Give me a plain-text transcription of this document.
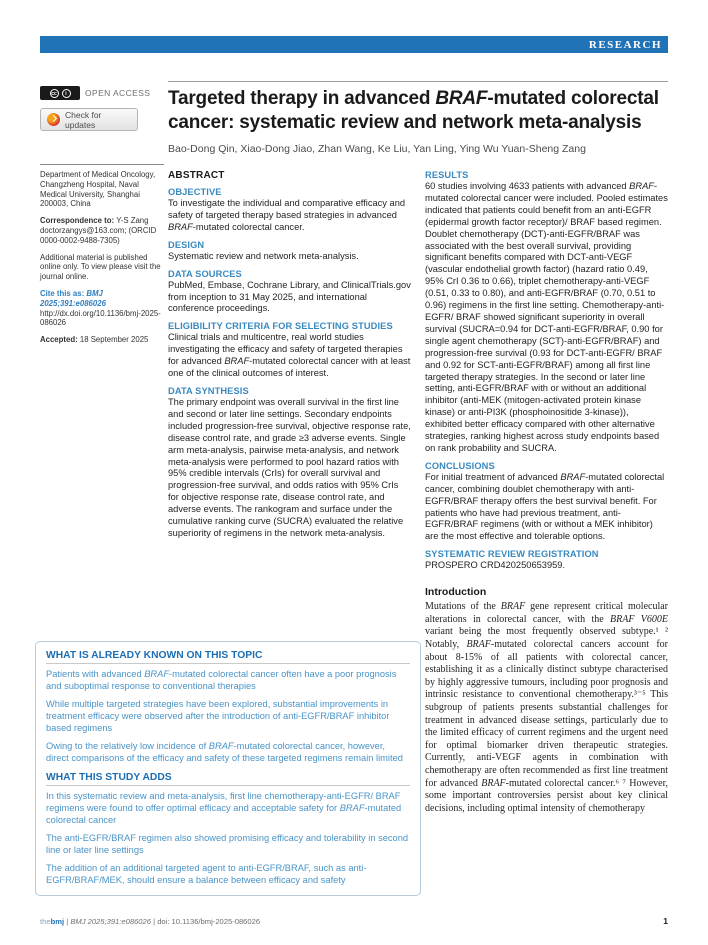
RESEARCH
cc	i	OPEN ACCESS
Check for updates
Targeted therapy in advanced BRAF-mutated colorectal cancer: systematic review and network meta-analysis
Bao-Dong Qin, Xiao-Dong Jiao, Zhan Wang, Ke Liu, Yan Ling, Ying Wu Yuan-Sheng Zang

Department of Medical Oncology, Changzheng Hospital, Naval Medical University, Shanghai 200003, China

Correspondence to: Y-S Zang doctorzangys@163.com; (ORCID 0000-0002-9488-7305)

Additional material is published online only. To view please visit the journal online.

Cite this as: BMJ 2025;391:e086026
http://dx.doi.org/10.1136/bmj-2025-086026

Accepted: 18 September 2025

ABSTRACT
OBJECTIVE

To investigate the individual and comparative efficacy and safety of targeted therapy based strategies in advanced BRAF-mutated colorectal cancer.

DESIGN

Systematic review and network meta-analysis.

DATA SOURCES

PubMed, Embase, Cochrane Library, and ClinicalTrials.gov from inception to 31 May 2025, and international conference proceedings.

ELIGIBILITY CRITERIA FOR SELECTING STUDIES

Clinical trials and multicentre, real world studies investigating the efficacy and safety of targeted therapies for advanced BRAF-mutated colorectal cancer with at least one of the clinical outcomes of interest.

DATA SYNTHESIS

The primary endpoint was overall survival in the first line and second or later line settings. Secondary endpoints included progression-free survival, objective response rate, disease control rate, and grade ≥3 adverse events. Single arm meta-analysis, pairwise meta-analysis, and network meta-analysis were performed to pool hazard ratios with 95% credible intervals (CrIs) for overall survival and progression-free survival, and odds ratios with 95% CrIs for objective response rate, disease control rate, and adverse events. The rankogram and surface under the cumulative ranking curve (SUCRA) evaluated the relative superiority of regimens in the network meta-analysis.

RESULTS

60 studies involving 4633 patients with advanced BRAF-mutated colorectal cancer were included. Pooled estimates indicated that patients could benefit from an anti-EGFR (epidermal growth factor receptor)/ BRAF based regimen. Doublet chemotherapy (DCT)-anti-EGFR/BRAF was associated with the best overall survival, providing significant benefits compared with DCT-anti-VEGF (vascular endothelial growth factor) (hazard ratio 0.49, 95% CrI 0.36 to 0.66), triplet chemotherapy-anti-VEGF (0.51, 0.33 to 0.80), and anti-EGFR/BRAF (0.70, 0.51 to 0.96) regimens in the first line setting. Chemotherapy-anti-EGFR/ BRAF showed significant superiority in overall survival (SUCRA=0.94 for DCT-anti-EGFR/BRAF, 0.90 for single agent chemotherapy (SCT)-anti-EGFR/BRAF) and progression-free survival (0.93 for DCT-anti-EGFR/ BRAF and 0.92 for SCT-anti-EGFR/BRAF) among all first line targeted therapy strategies. In the second or later line setting, anti-EGFR/BRAF with or without an additional inhibitor (anti-MEK (mitogen-activated protein kinase kinase) or anti-PI3K (phosphoinositide 3-kinase)), exhibited better efficacy compared with other alternative strategies, ranking highest across study endpoints based on rank probability and SUCRA.

CONCLUSIONS

For initial treatment of advanced BRAF-mutated colorectal cancer, combining doublet chemotherapy with anti-EGFR/BRAF therapy offers the best survival benefit. For patients who have had previous treatment, anti-EGFR/BRAF regimens (with or without a MEK inhibitor) are the most effective and tolerable options.

SYSTEMATIC REVIEW REGISTRATION

PROSPERO CRD420250653959.

Introduction

Mutations of the BRAF gene represent critical molecular alterations in colorectal cancer, with the BRAF V600E variant being the most frequently observed subtype.¹ ² Notably, BRAF-mutated colorectal cancers account for about 8-15% of all patients with colorectal cancer, establishing it as a clinically distinct subtype characterised by highly aggressive tumours, including poor prognosis and intrinsic resistance to conventional chemotherapy.³⁻⁵ This subgroup of patients presents substantial challenges for treatment in advanced disease settings, particularly due to the limited efficacy of current regimens and the urgent need for optimal biomarker driven therapeutic strategies. Currently, anti-VEGF agents in combination with chemotherapy are often recommended as first line treatment for advanced BRAF-mutated colorectal cancer.⁶ ⁷ However, some important controversies persist about key clinical decisions, including optimal intensity of chemotherapy

WHAT IS ALREADY KNOWN ON THIS TOPIC

Patients with advanced BRAF-mutated colorectal cancer often have a poor prognosis and suboptimal response to conventional therapies

While multiple targeted strategies have been explored, substantial improvements in treatment efficacy were observed after the introduction of anti-EGFR/BRAF inhibitor based regimens

Owing to the relatively low incidence of BRAF-mutated colorectal cancer, however, direct comparisons of the efficacy and safety of these targeted regimens remain limited

WHAT THIS STUDY ADDS

In this systematic review and meta-analysis, first line chemotherapy-anti-EGFR/ BRAF regimens were found to offer optimal efficacy and acceptable safety for BRAF-mutated colorectal cancer

The anti-EGFR/BRAF regimen also showed promising efficacy and tolerability in second line or later line settings

The addition of an additional targeted agent to anti-EGFR/BRAF, such as anti-EGFR/BRAF/MEK, should ensure a balance between efficacy and safety

thebmj | BMJ 2025;391:e086026 | doi: 10.1136/bmj-2025-086026	1
